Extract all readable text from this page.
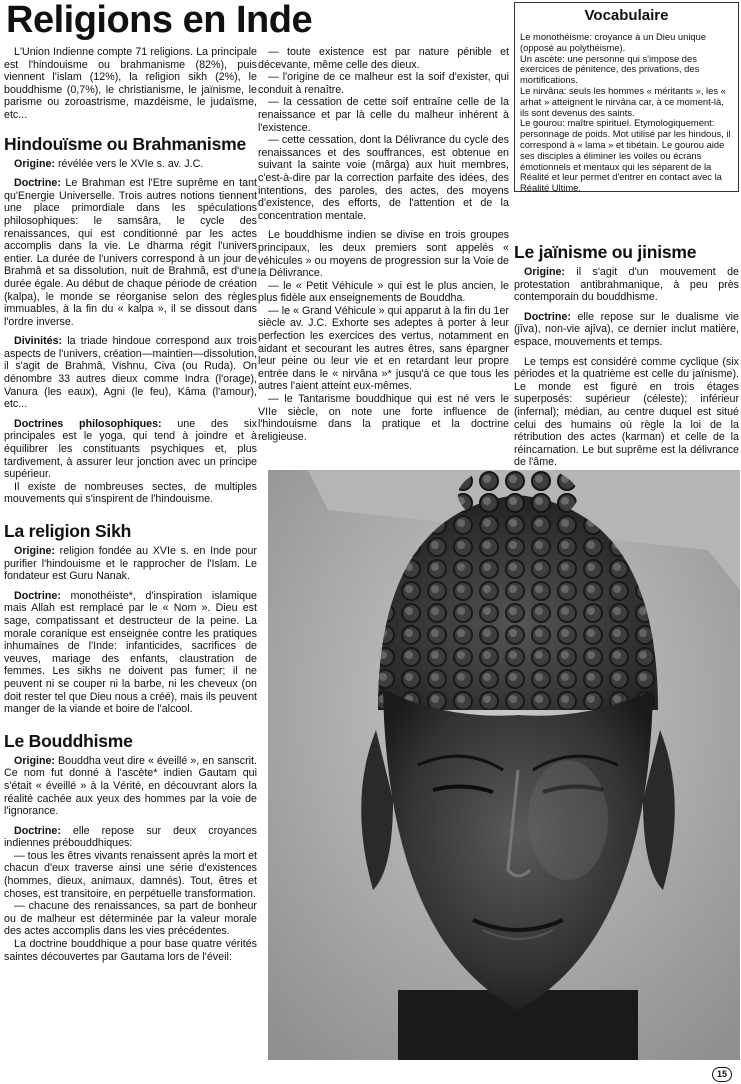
Religions en Inde	Vocabulaire

Le monothéisme: croyance à un Dieu unique (opposé au polythéisme).

Un ascète: une personne qui s'impose des exercices de pénitence, des privations, des mortifications.

Le nirvâna: seuls les hommes « méritants », les « arhat » atteignent le nirvâna car, à ce moment-là, ils sont devenus des saints.

Le gourou: maître spirituel. Etymologiquement: personnage de poids. Mot utilisé par les hindous, il correspond à « lama » et tibétain. Le gourou aide ses disciples à éliminer les voiles ou écrans émotionnels et mentaux qui les séparent de la Réalité et leur permet d'entrer en contact avec la Réalité Ultime.

L'Union Indienne compte 71 religions. La principale est l'hindouisme ou brahmanisme (82%), puis viennent l'islam (12%), la religion sikh (2%), le bouddhisme (0,7%), le christianisme, le jaïnisme, le parisme ou zoroastrisme, mazdéisme, le judaïsme, etc...

Hindouïsme ou Brahmanisme

Origine: révélée vers le XVIe s. av. J.C.

Doctrine: Le Brahman est l'Etre suprême en tant qu'Energie Universelle. Trois autres notions tiennent une place primordiale dans les spéculations philosophiques: le samsâra, le cycle des renaissances, qui est conditionné par les actes accomplis dans la vie. Le dharma régit l'univers entier. La durée de l'univers correspond à un jour de Brahmâ et sa dissolution, nuit de Brahmâ, est d'une durée égale. Au début de chaque période de création (kalpa), le monde se réorganise selon des règles immuables, à la fin du « kalpa », il se dissout dans l'ordre inverse.

Divinités: la triade hindoue correspond aux trois aspects de l'univers, création—maintien—dissolution, il s'agit de Brahmâ, Vishnu, Civa (ou Ruda). On dénombre 33 autres dieux comme Indra (l'orage), Vanura (les eaux), Agni (le feu), Kâma (l'amour), etc...

Doctrines philosophiques: une des six principales est le yoga, qui tend à joindre et à équilibrer les constituants psychiques et, plus tardivement, à assurer leur jonction avec un principe supérieur.

Il existe de nombreuses sectes, de multiples mouvements qui s'inspirent de l'hindouisme.

La religion Sikh

Origine: religion fondée au XVIe s. en Inde pour purifier l'hindouisme et le rapprocher de l'Islam. Le fondateur est Guru Nanak.

Doctrine: monothéiste*, d'inspiration islamique mais Allah est remplacé par le « Nom ». Dieu est sage, compatissant et destructeur de la peine. La morale coranique est enseignée contre les pratiques inhumaines de l'Inde: infanticides, sacrifices de veuves, mariage des enfants, claustration de femmes. Les sikhs ne doivent pas fumer; il ne peuvent ni se couper ni la barbe, ni les cheveux (on doit rester tel que Dieu nous a créé), mais ils peuvent manger de la viande et boire de l'alcool.

Le Bouddhisme

Origine: Bouddha veut dire « éveillé », en sanscrit. Ce nom fut donné à l'ascète* indien Gautam qui s'était « éveillé » à la Vérité, en découvrant alors la réalité cachée aux yeux des hommes par la voie de l'ignorance.

Doctrine: elle repose sur deux croyances indiennes prébouddhiques:

— tous les êtres vivants renaissent après la mort et chacun d'eux traverse ainsi une série d'existences (hommes, dieux, animaux, damnés). Tout, êtres et choses, est transitoire, en perpétuelle transformation.

— chacune des renaissances, sa part de bonheur ou de malheur est déterminée par la valeur morale des actes accomplis dans les vies précédentes.

La doctrine bouddhique a pour base quatre vérités saintes découvertes par Gautama lors de l'éveil:

— toute existence est par nature pénible et décevante, même celle des dieux.

— l'origine de ce malheur est la soif d'exister, qui conduit à renaître.

— la cessation de cette soif entraîne celle de la renaissance et par là celle du malheur inhérent à l'existence.

— cette cessation, dont la Délivrance du cycle des renaissances et des souffrances, est obtenue en suivant la sainte voie (mârga) aux huit membres, c'est-à-dire par la correction parfaite des idées, des intentions, des paroles, des actes, des moyens d'existence, des efforts, de l'attention et de la concentration mentale.

Le bouddhisme indien se divise en trois groupes principaux, les deux premiers sont appelés « véhicules » ou moyens de progression sur la Voie de la Délivrance.

— le « Petit Véhicule » qui est le plus ancien, le plus fidèle aux enseignements de Bouddha.

— le « Grand Véhicule » qui apparut à la fin du 1er siècle av. J.C. Exhorte ses adeptes à porter à leur perfection les exercices des vertus, notamment en aidant et secourant les autres êtres, sans épargner leur peine ou leur vie et en retardant leur propre entrée dans le « nirvâna »* jusqu'à ce que tous les autres l'aient atteint eux-mêmes.

— le Tantarisme bouddhique qui est né vers le VIIe siècle, on note une forte influence de l'hindouisme dans la pratique et la doctrine religieuse.

Le jaïnisme ou jinisme

Origine: il s'agit d'un mouvement de protestation antibrahmanique, à peu près contemporain du bouddhisme.

Doctrine: elle repose sur le dualisme vie (jîva), non-vie ajîva), ce dernier inclut matière, espace, mouvements et temps.

Le temps est considéré comme cyclique (six périodes et la quatrième est celle du jaïnisme). Le monde est figuré en trois étages superposés: supérieur (céleste); inférieur (infernal); médian, au centre duquel est situé celui des humains où règle la loi de la rétribution des actes (karman) et celle de la réincarnation. Le but suprême est la délivrance de l'âme.

15
